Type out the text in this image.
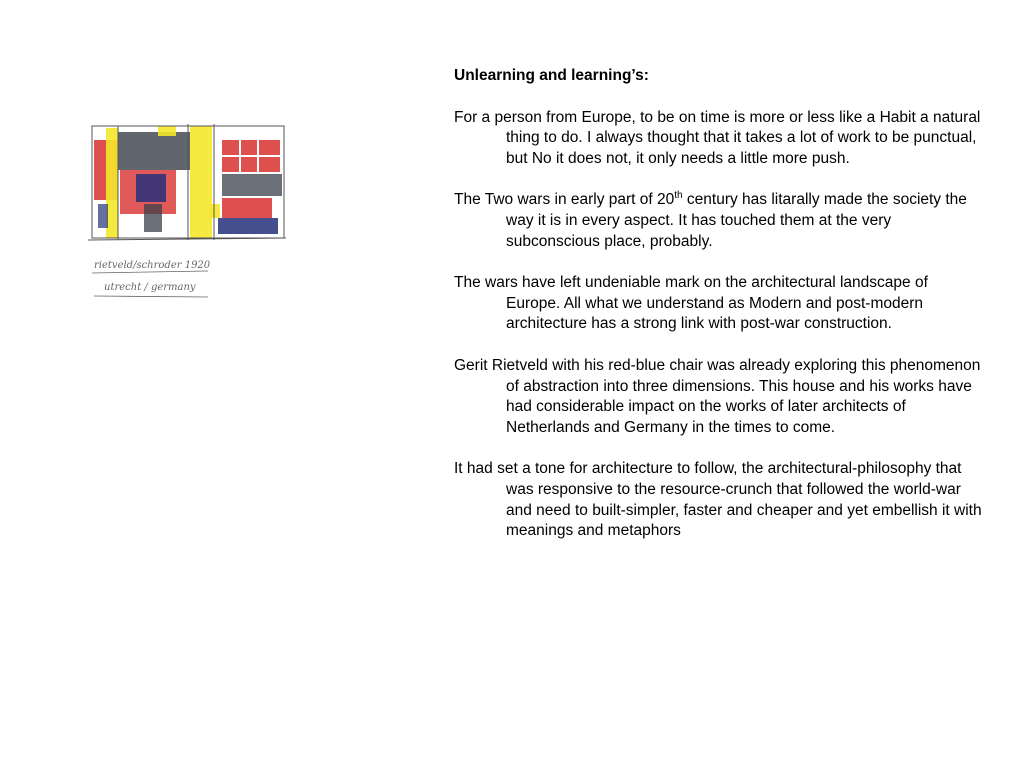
rietveld/schroder 1920
utrecht / germany
Unlearning and learning’s:
For a person from Europe, to be on time is more or less like a Habit a natural thing to do. I always thought that it takes a lot of work to be punctual, but No it does not, it only needs a little more push.
The Two wars in early part of 20th century has litarally made the society the way it is in every aspect. It has touched them at the very subconscious place, probably.
The wars have left undeniable mark on the architectural landscape of Europe. All what we understand as Modern and post-modern architecture has a strong link with post-war construction.
Gerit Rietveld with his red-blue chair was already exploring this phenomenon of abstraction into three dimensions. This house and his works have had considerable impact on the works of later architects of Netherlands and Germany in the times to come.
It had set a tone for architecture to follow, the architectural-philosophy that was responsive to the resource-crunch that followed the world-war and need to built-simpler, faster and cheaper and yet embellish it with meanings and metaphors
